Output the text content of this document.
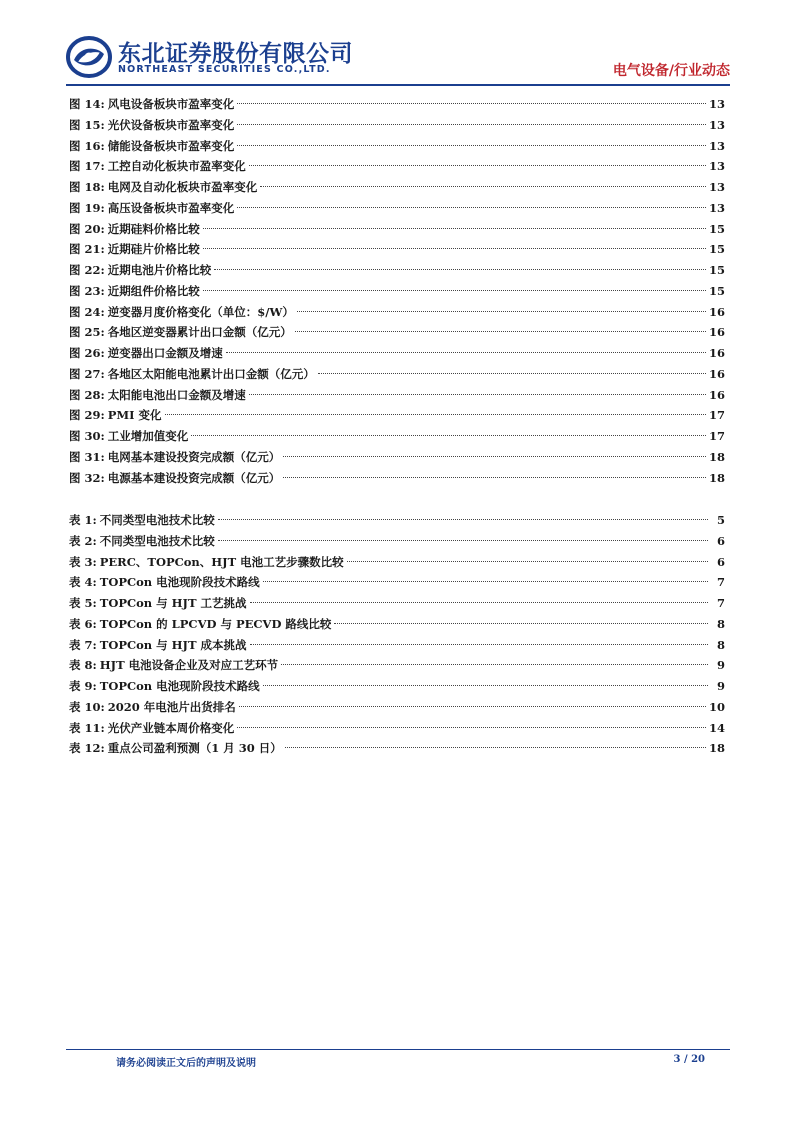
东北证券股份有限公司
NORTHEAST SECURITIES CO.,LTD.	电气设备/行业动态
图 14: 风电设备板块市盈率变化	13
图 15: 光伏设备板块市盈率变化	13
图 16: 储能设备板块市盈率变化	13
图 17: 工控自动化板块市盈率变化	13
图 18: 电网及自动化板块市盈率变化	13
图 19: 高压设备板块市盈率变化	13
图 20: 近期硅料价格比较	15
图 21: 近期硅片价格比较	15
图 22: 近期电池片价格比较	15
图 23: 近期组件价格比较	15
图 24: 逆变器月度价格变化（单位：$/W）	16
图 25: 各地区逆变器累计出口金额（亿元）	16
图 26: 逆变器出口金额及增速	16
图 27: 各地区太阳能电池累计出口金额（亿元）	16
图 28: 太阳能电池出口金额及增速	16
图 29: PMI 变化	17
图 30: 工业增加值变化	17
图 31: 电网基本建设投资完成额（亿元）	18
图 32: 电源基本建设投资完成额（亿元）	18
表 1: 不同类型电池技术比较	5
表 2: 不同类型电池技术比较	6
表 3: PERC、TOPCon、HJT 电池工艺步骤数比较	6
表 4: TOPCon 电池现阶段技术路线	7
表 5: TOPCon 与 HJT 工艺挑战	7
表 6: TOPCon 的 LPCVD 与 PECVD 路线比较	8
表 7: TOPCon 与 HJT 成本挑战	8
表 8: HJT 电池设备企业及对应工艺环节	9
表 9: TOPCon 电池现阶段技术路线	9
表 10: 2020 年电池片出货排名	10
表 11: 光伏产业链本周价格变化	14
表 12: 重点公司盈利预测（1 月 30 日）	18
请务必阅读正文后的声明及说明	3 / 20
